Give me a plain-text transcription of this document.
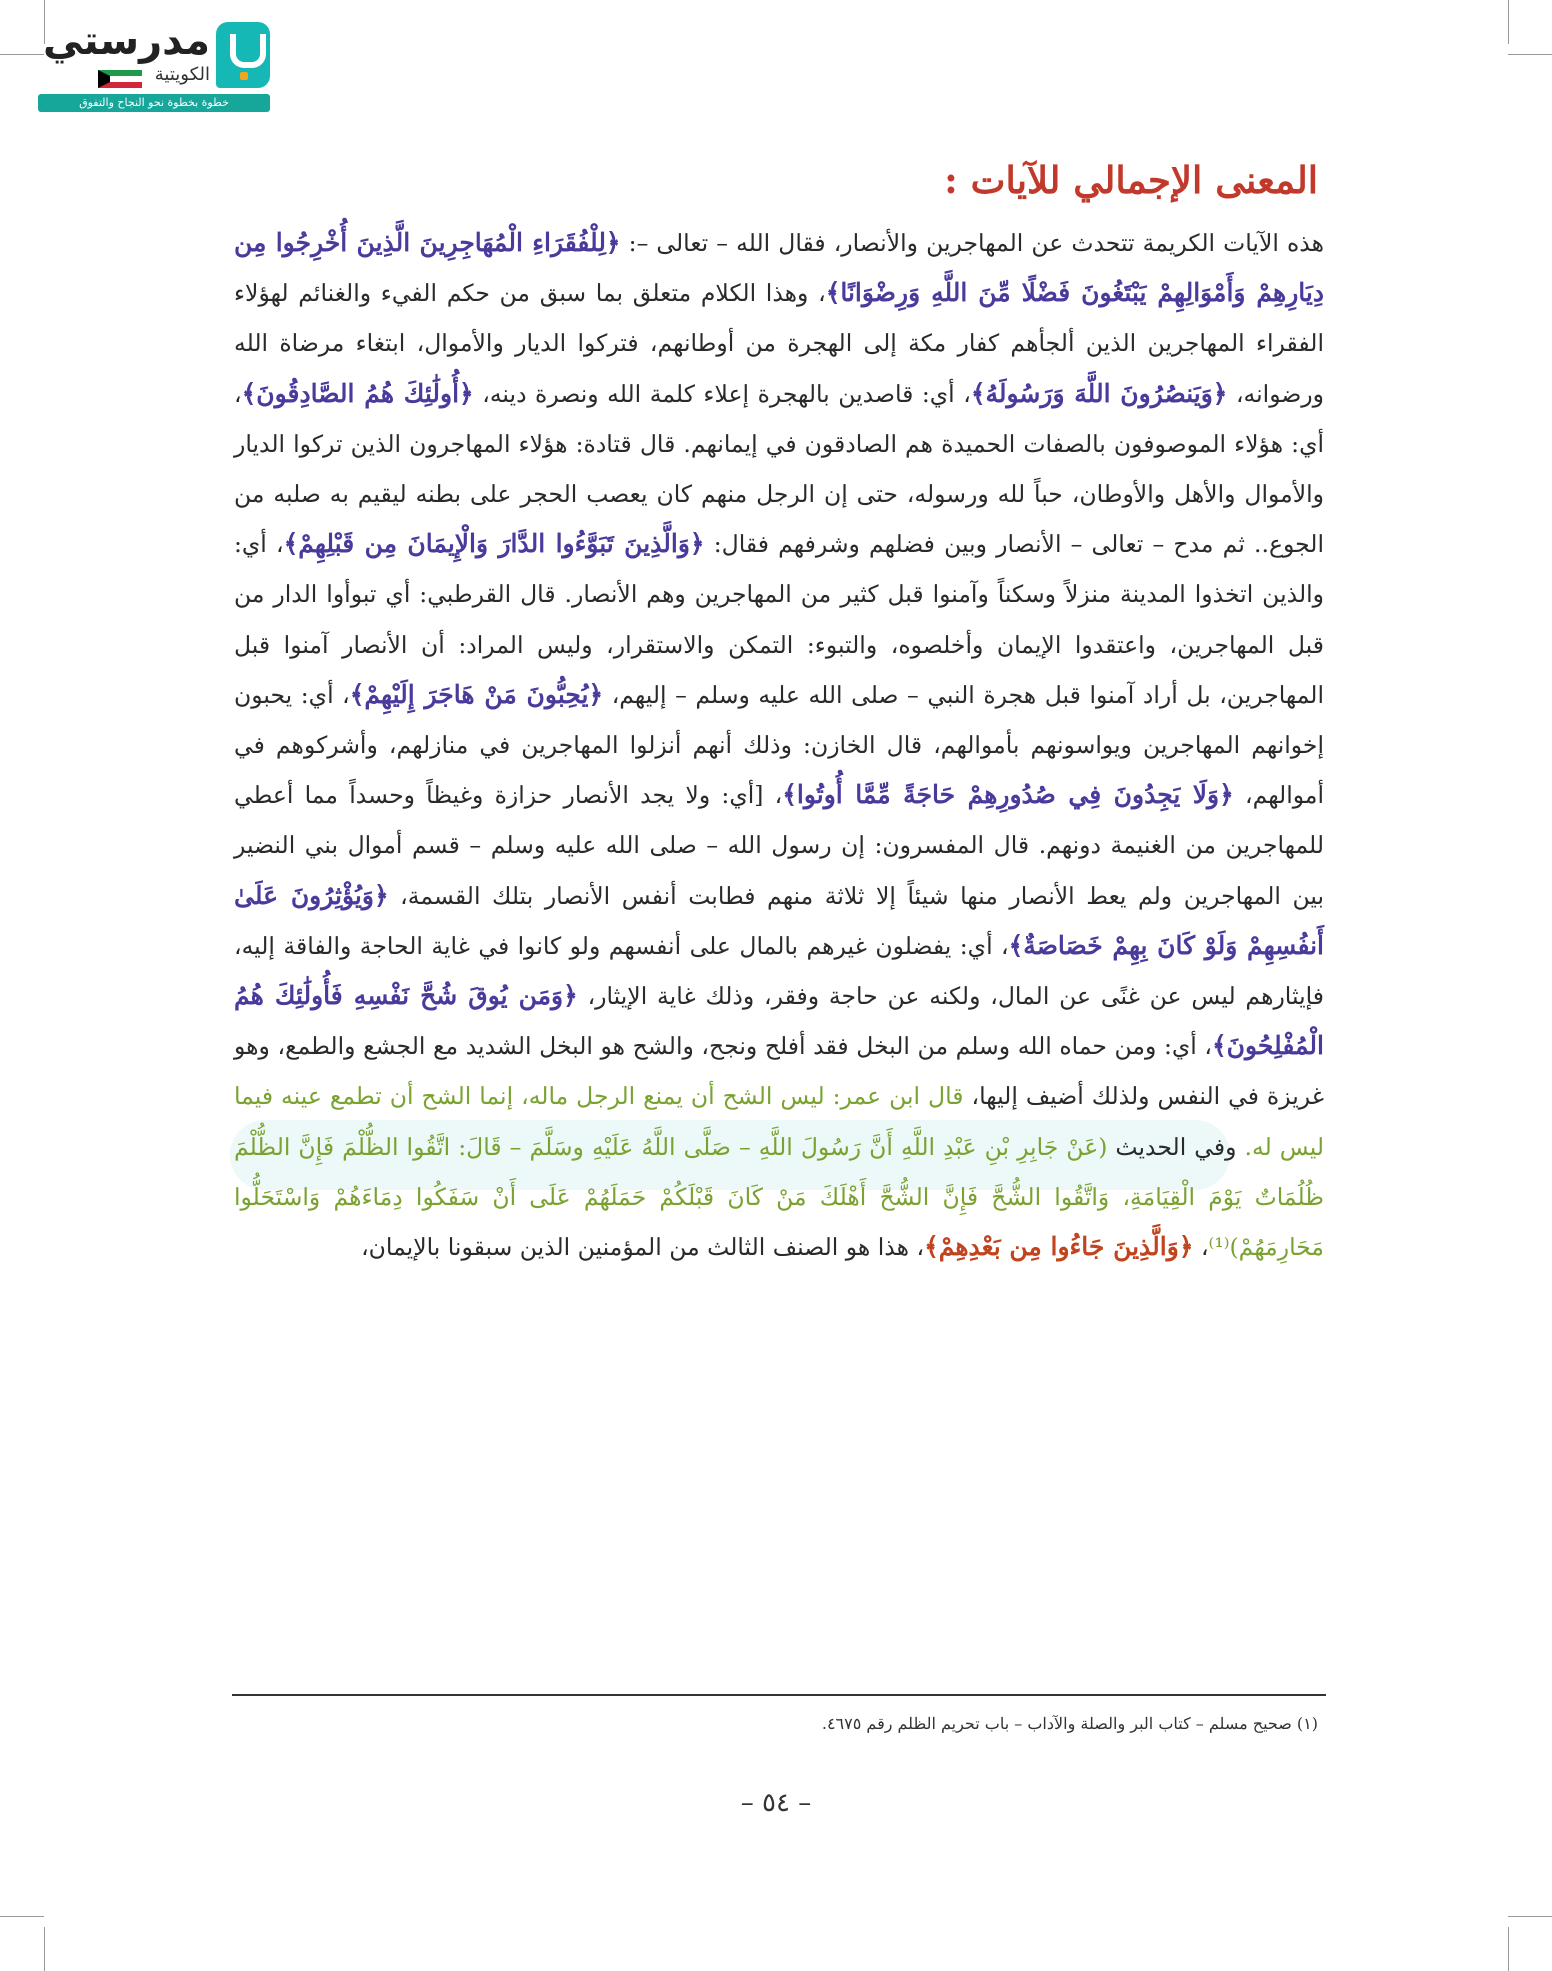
مدرستي
الكويتية
خطوة بخطوة نحو النجاح والتفوق
المعنى الإجمالي للآيات :

هذه الآيات الكريمة تتحدث عن المهاجرين والأنصار، فقال الله – تعالى –: ﴿لِلْفُقَرَاءِ الْمُهَاجِرِينَ الَّذِينَ أُخْرِجُوا مِن دِيَارِهِمْ وَأَمْوَالِهِمْ يَبْتَغُونَ فَضْلًا مِّنَ اللَّهِ وَرِضْوَانًا﴾، وهذا الكلام متعلق بما سبق من حكم الفيء والغنائم لهؤلاء الفقراء المهاجرين الذين ألجأهم كفار مكة إلى الهجرة من أوطانهم، فتركوا الديار والأموال، ابتغاء مرضاة الله ورضوانه، ﴿وَيَنصُرُونَ اللَّهَ وَرَسُولَهُ﴾، أي: قاصدين بالهجرة إعلاء كلمة الله ونصرة دينه، ﴿أُولَٰئِكَ هُمُ الصَّادِقُونَ﴾، أي: هؤلاء الموصوفون بالصفات الحميدة هم الصادقون في إيمانهم. قال قتادة: هؤلاء المهاجرون الذين تركوا الديار والأموال والأهل والأوطان، حباً لله ورسوله، حتى إن الرجل منهم كان يعصب الحجر على بطنه ليقيم به صلبه من الجوع.. ثم مدح – تعالى – الأنصار وبين فضلهم وشرفهم فقال: ﴿وَالَّذِينَ تَبَوَّءُوا الدَّارَ وَالْإِيمَانَ مِن قَبْلِهِمْ﴾، أي: والذين اتخذوا المدينة منزلاً وسكناً وآمنوا قبل كثير من المهاجرين وهم الأنصار. قال القرطبي: أي تبوأوا الدار من قبل المهاجرين، واعتقدوا الإيمان وأخلصوه، والتبوء: التمكن والاستقرار، وليس المراد: أن الأنصار آمنوا قبل المهاجرين، بل أراد آمنوا قبل هجرة النبي – صلى الله عليه وسلم – إليهم، ﴿يُحِبُّونَ مَنْ هَاجَرَ إِلَيْهِمْ﴾، أي: يحبون إخوانهم المهاجرين ويواسونهم بأموالهم، قال الخازن: وذلك أنهم أنزلوا المهاجرين في منازلهم، وأشركوهم في أموالهم، ﴿وَلَا يَجِدُونَ فِي صُدُورِهِمْ حَاجَةً مِّمَّا أُوتُوا﴾، [أي: ولا يجد الأنصار حزازة وغيظاً وحسداً مما أعطي للمهاجرين من الغنيمة دونهم. قال المفسرون: إن رسول الله – صلى الله عليه وسلم – قسم أموال بني النضير بين المهاجرين ولم يعط الأنصار منها شيئاً إلا ثلاثة منهم فطابت أنفس الأنصار بتلك القسمة، ﴿وَيُؤْثِرُونَ عَلَىٰ أَنفُسِهِمْ وَلَوْ كَانَ بِهِمْ خَصَاصَةٌ﴾، أي: يفضلون غيرهم بالمال على أنفسهم ولو كانوا في غاية الحاجة والفاقة إليه، فإيثارهم ليس عن غنًى عن المال، ولكنه عن حاجة وفقر، وذلك غاية الإيثار، ﴿وَمَن يُوقَ شُحَّ نَفْسِهِ فَأُولَٰئِكَ هُمُ الْمُفْلِحُونَ﴾، أي: ومن حماه الله وسلم من البخل فقد أفلح ونجح، والشح هو البخل الشديد مع الجشع والطمع، وهو غريزة في النفس ولذلك أضيف إليها، قال ابن عمر: ليس الشح أن يمنع الرجل ماله، إنما الشح أن تطمع عينه فيما ليس له. وفي الحديث (عَنْ جَابِرِ بْنِ عَبْدِ اللَّهِ أَنَّ رَسُولَ اللَّهِ – صَلَّى اللَّهُ عَلَيْهِ وسَلَّمَ – قَالَ: اتَّقُوا الظُّلْمَ فَإِنَّ الظُّلْمَ ظُلُمَاتٌ يَوْمَ الْقِيَامَةِ، وَاتَّقُوا الشُّحَّ فَإِنَّ الشُّحَّ أَهْلَكَ مَنْ كَانَ قَبْلَكُمْ حَمَلَهُمْ عَلَى أَنْ سَفَكُوا دِمَاءَهُمْ وَاسْتَحَلُّوا مَحَارِمَهُمْ)⁽¹⁾، ﴿وَالَّذِينَ جَاءُوا مِن بَعْدِهِمْ﴾، هذا هو الصنف الثالث من المؤمنين الذين سبقونا بالإيمان،

(١) صحيح مسلم – كتاب البر والصلة والآداب – باب تحريم الظلم رقم ٤٦٧٥.
– ٥٤ –
